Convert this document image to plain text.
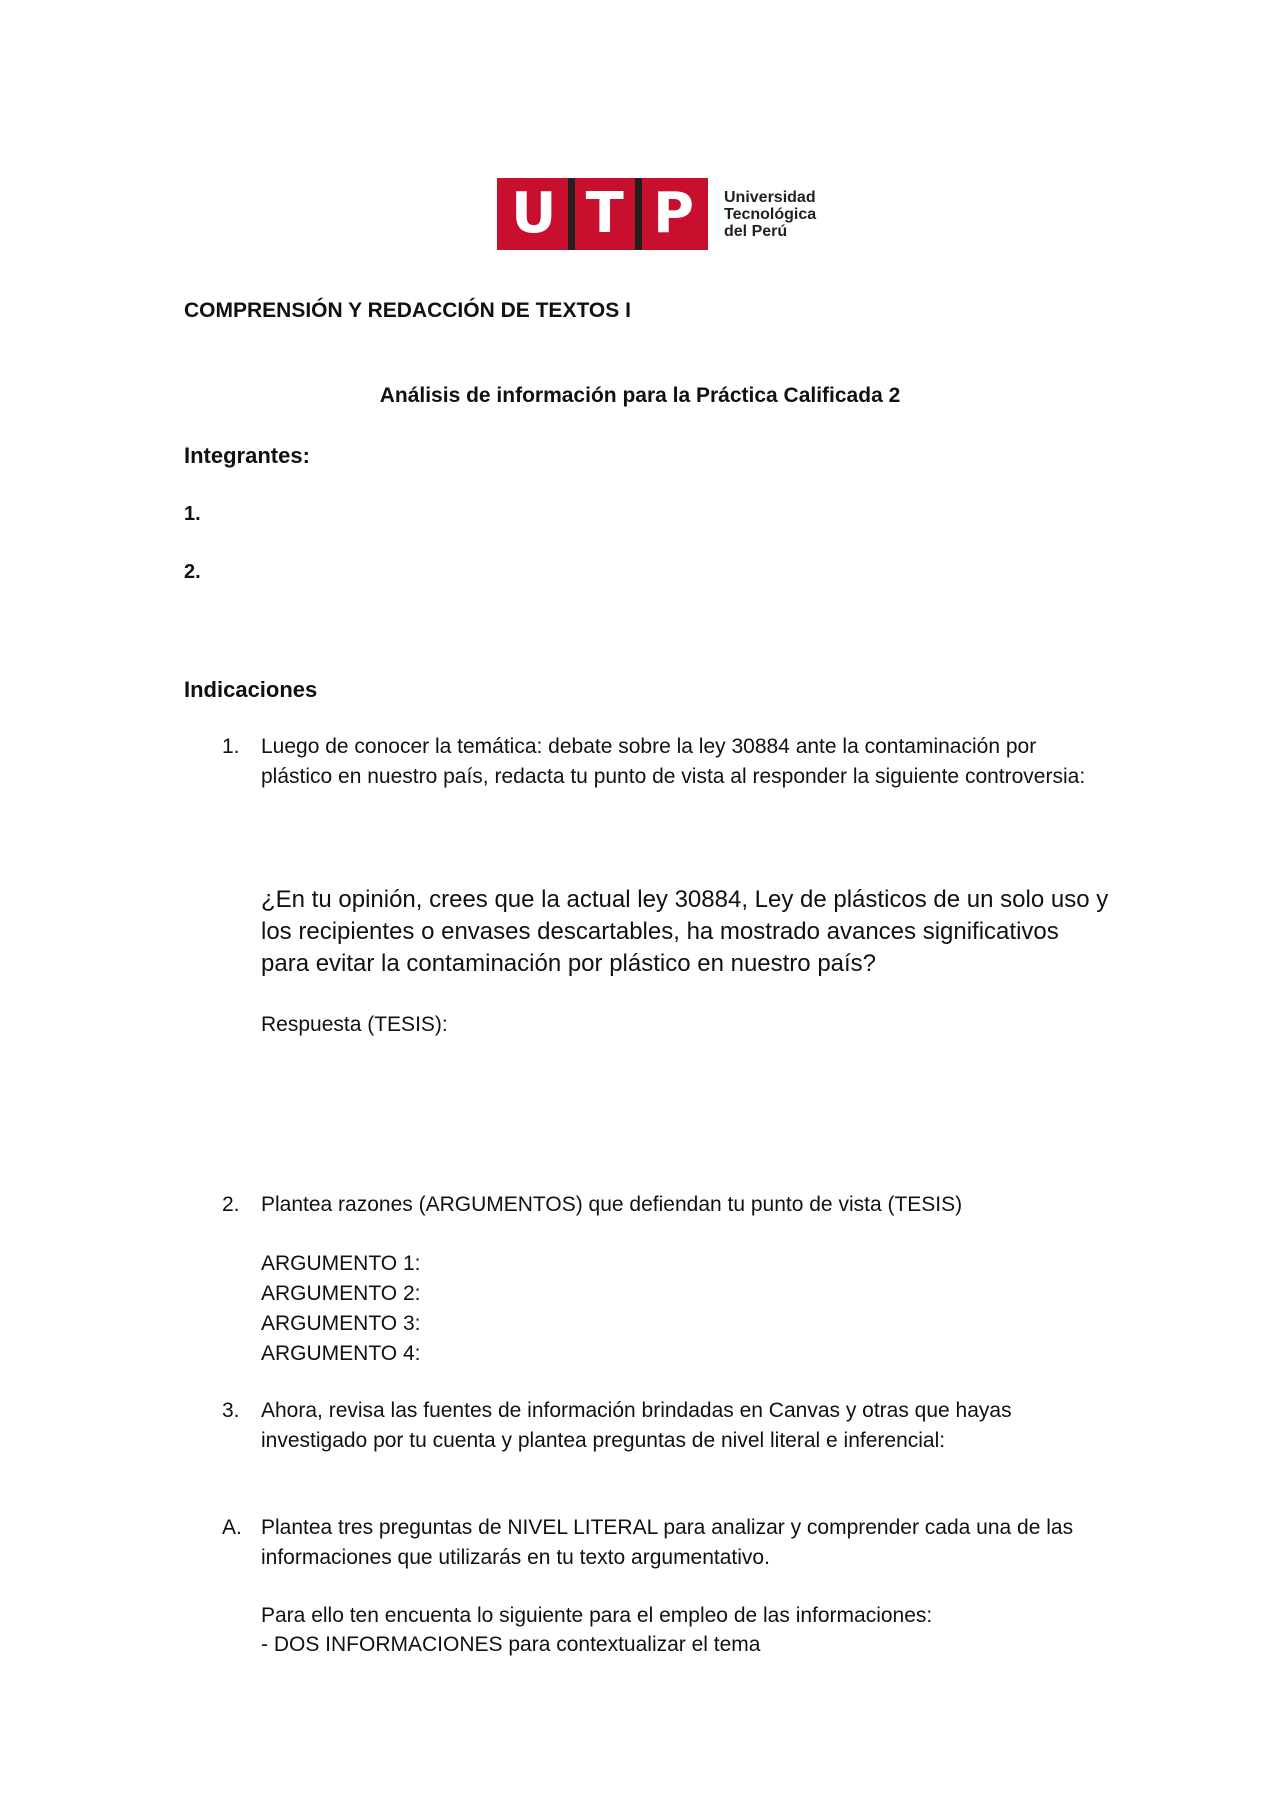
U T P Universidad
Tecnológica
del Perú
COMPRENSIÓN Y REDACCIÓN DE TEXTOS I
Análisis de información para la Práctica Calificada 2
Integrantes:
1.
2.
Indicaciones
1. Luego de conocer la temática: debate sobre la ley 30884 ante la contaminación por plástico en nuestro país, redacta tu punto de vista al responder la siguiente controversia:
¿En tu opinión, crees que la actual ley 30884, Ley de plásticos de un solo uso y los recipientes o envases descartables, ha mostrado avances significativos para evitar la contaminación por plástico en nuestro país?
Respuesta (TESIS):
2. Plantea razones (ARGUMENTOS) que defiendan tu punto de vista (TESIS)
ARGUMENTO 1:
ARGUMENTO 2:
ARGUMENTO 3:
ARGUMENTO 4:
3. Ahora, revisa las fuentes de información brindadas en Canvas y otras que hayas investigado por tu cuenta y plantea preguntas de nivel literal e inferencial:
A. Plantea tres preguntas de NIVEL LITERAL para analizar y comprender cada una de las informaciones que utilizarás en tu texto argumentativo.
Para ello ten encuenta lo siguiente para el empleo de las informaciones:
- DOS INFORMACIONES para contextualizar el tema
